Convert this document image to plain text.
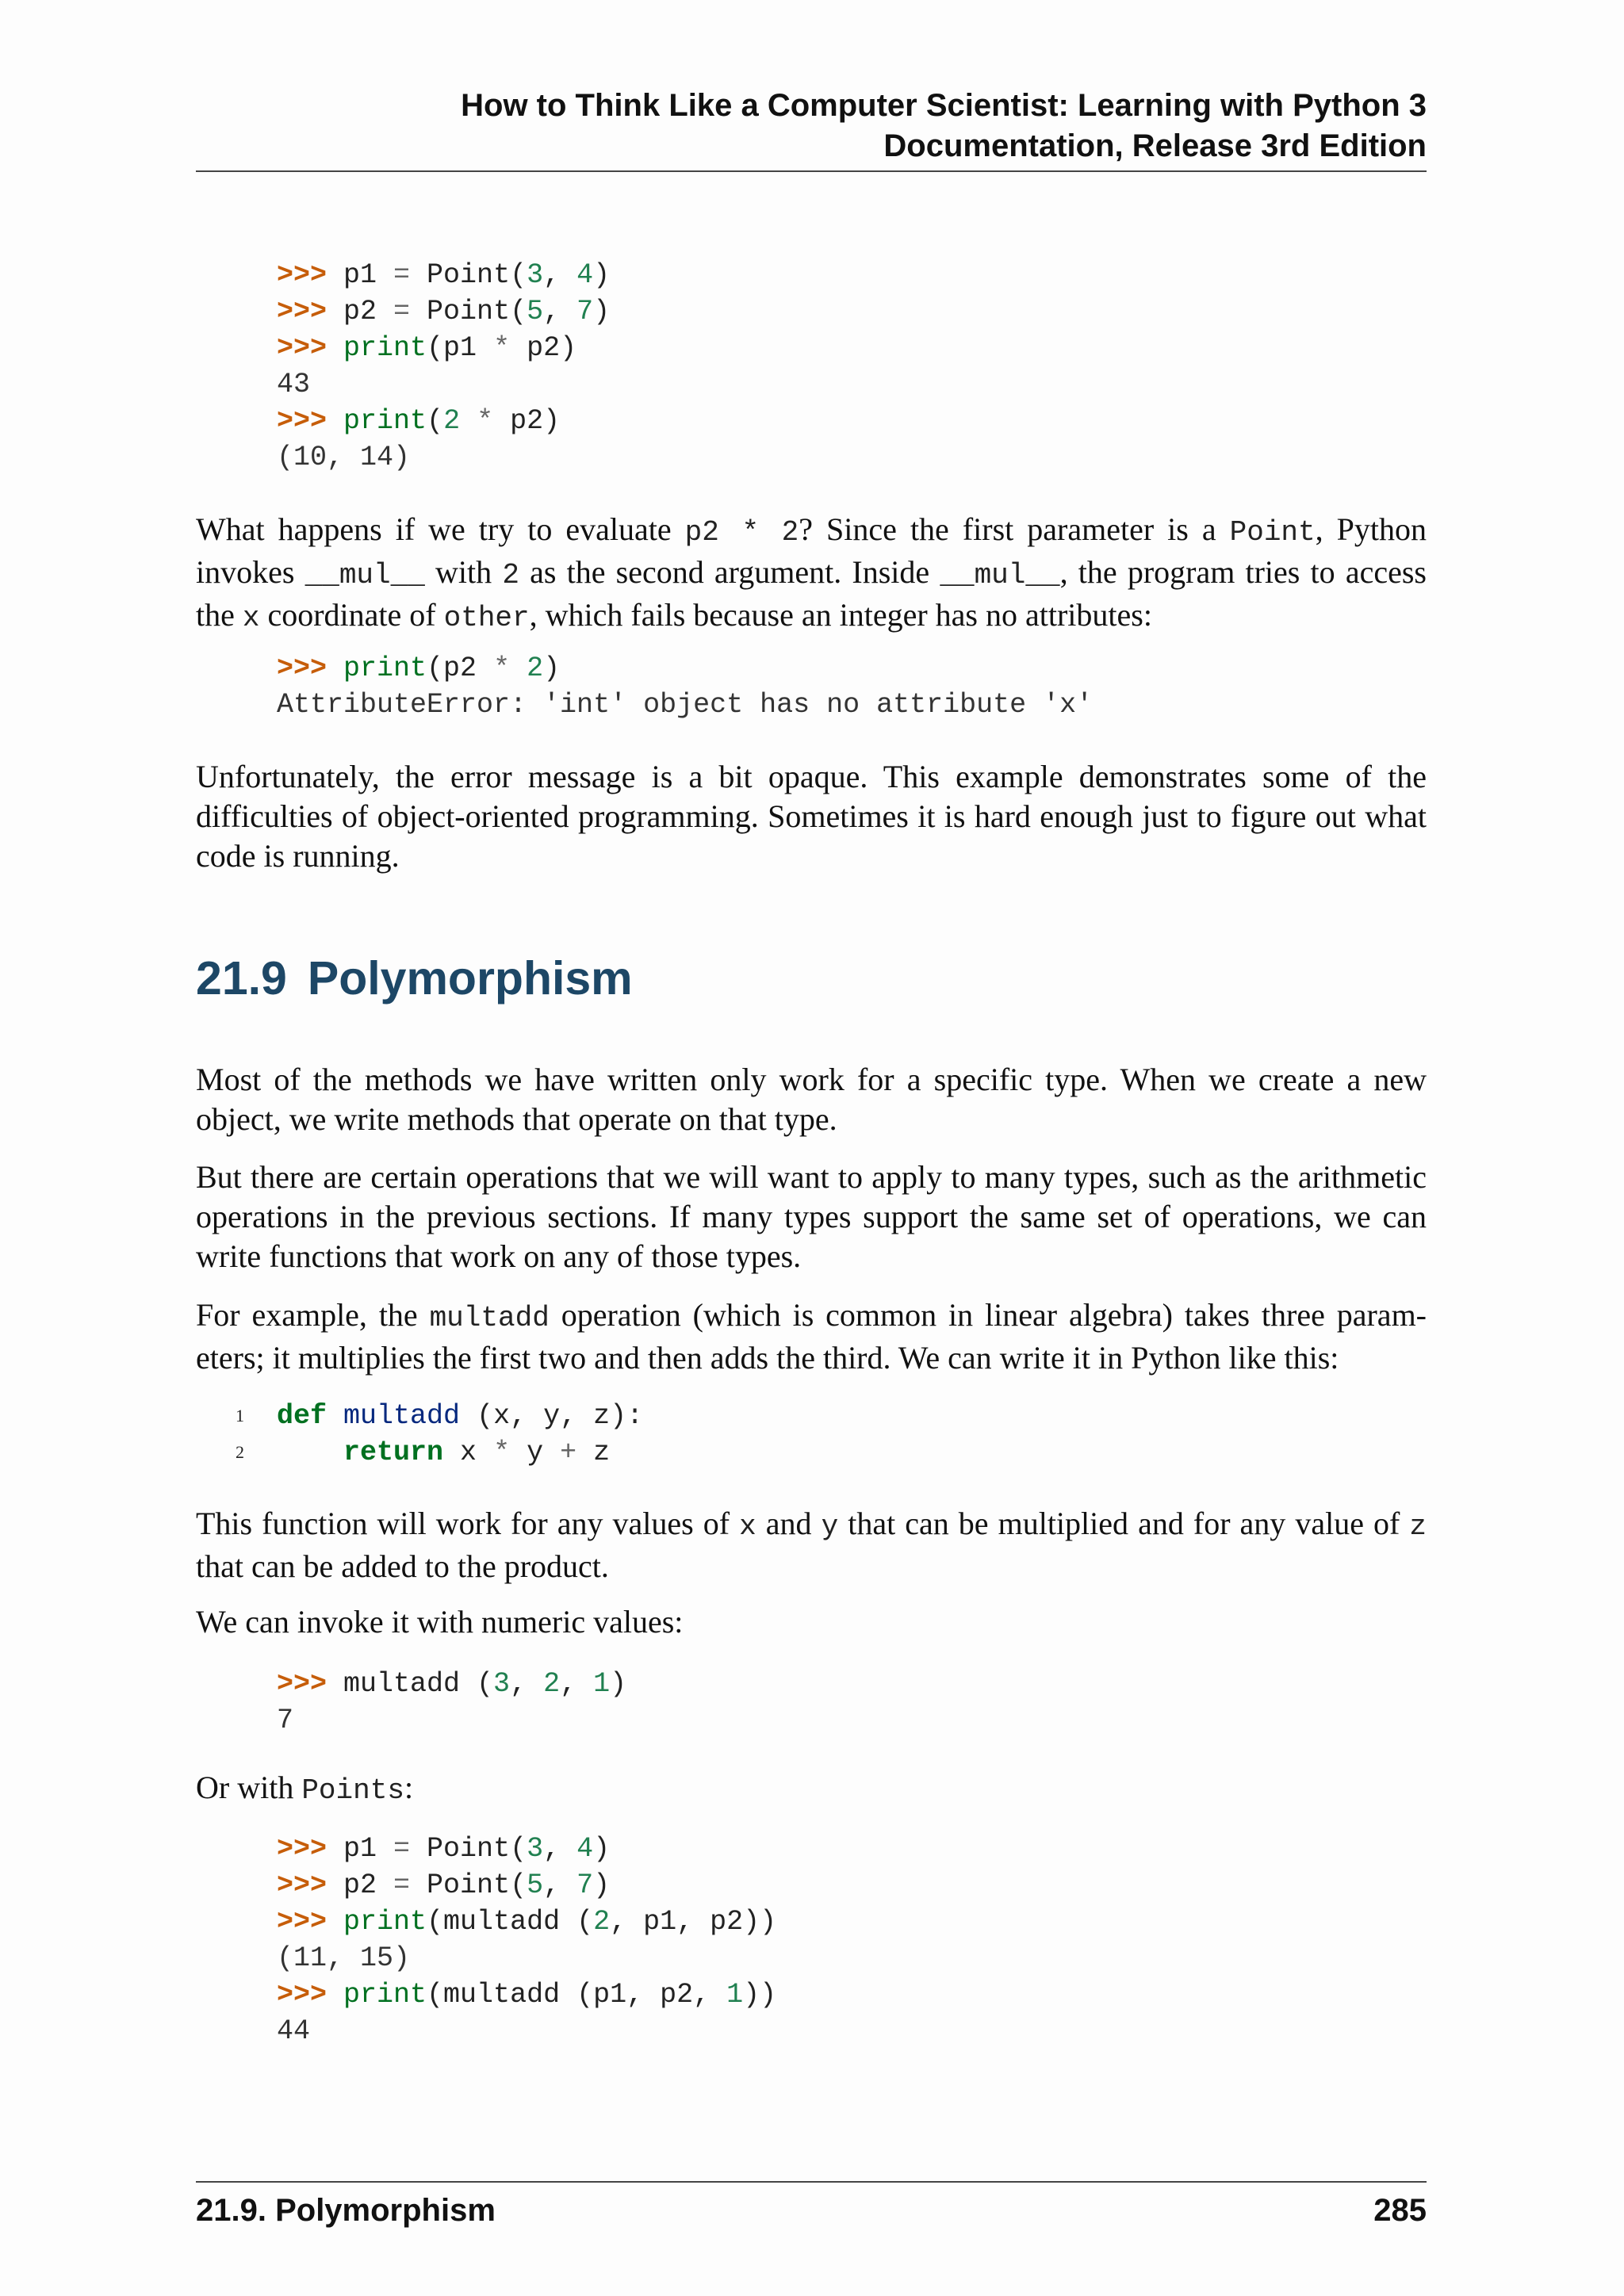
How to Think Like a Computer Scientist: Learning with Python 3
Documentation, Release 3rd Edition
21.9 Polymorphism
>>> p1 = Point(3, 4)
>>> p2 = Point(5, 7)
>>> print(p1 * p2)
43
>>> print(2 * p2)
(10, 14)
What happens if we try to evaluate p2 * 2? Since the first parameter is a Point, Python invokes __mul__ with 2 as the second argument. Inside __mul__, the program tries to access the x coordinate of other, which fails because an integer has no attributes:
>>> print(p2 * 2)
AttributeError: 'int' object has no attribute 'x'
Unfortunately, the error message is a bit opaque. This example demonstrates some of the difficulties of object-oriented programming. Sometimes it is hard enough just to figure out what code is running.
Most of the methods we have written only work for a specific type. When we create a new object, we write methods that operate on that type.
But there are certain operations that we will want to apply to many types, such as the arithmetic operations in the previous sections. If many types support the same set of operations, we can write functions that work on any of those types.
For example, the multadd operation (which is common in linear algebra) takes three param-eters; it multiplies the first two and then adds the third. We can write it in Python like this:
1 def multadd (x, y, z):
2	return x * y + z
This function will work for any values of x and y that can be multiplied and for any value of z that can be added to the product.
We can invoke it with numeric values:
>>> multadd (3, 2, 1)
7
Or with Points:
>>> p1 = Point(3, 4)
>>> p2 = Point(5, 7)
>>> print(multadd (2, p1, p2))
(11, 15)
>>> print(multadd (p1, p2, 1))
44
21.9. Polymorphism	285
